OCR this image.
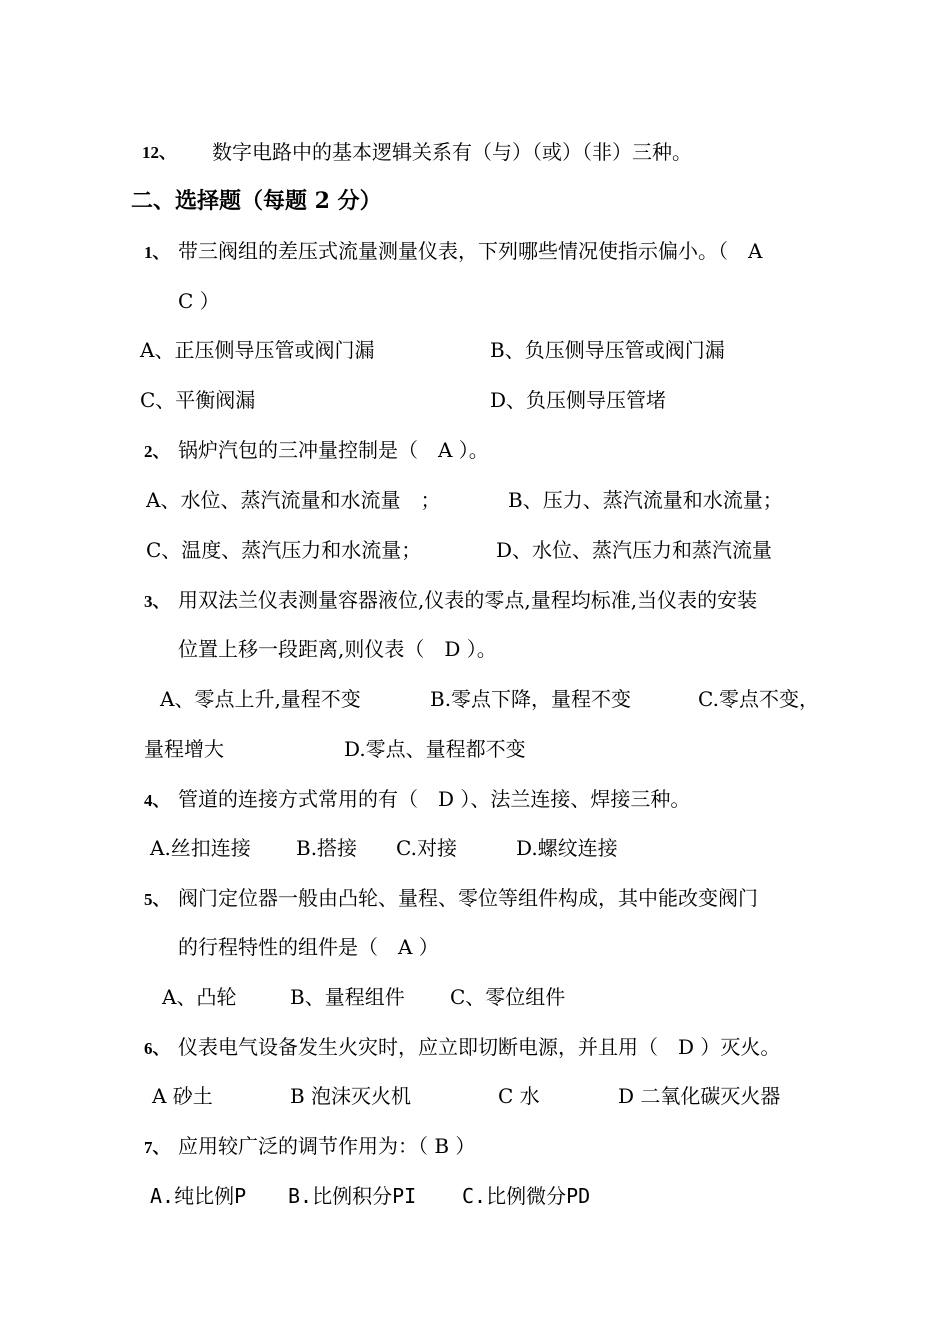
12、 数字电路中的基本逻辑关系有（与）（或）（非）三种。
二、选择题（每题 2 分）
1、 带三阀组的差压式流量测量仪表，下列哪些情况使指示偏小。（　A
C ）
A、正压侧导压管或阀门漏	B、负压侧导压管或阀门漏
C、平衡阀漏	D、负压侧导压管堵
2、 锅炉汽包的三冲量控制是（　A ）。
A、水位、蒸汽流量和水流量　；	B、压力、蒸汽流量和水流量；
C、温度、蒸汽压力和水流量；	D、水位、蒸汽压力和蒸汽流量
3、 用双法兰仪表测量容器液位,仪表的零点,量程均标准,当仪表的安装
位置上移一段距离,则仪表（　D ）。
A、零点上升,量程不变	B.零点下降，量程不变	C.零点不变，
量程增大	D.零点、量程都不变
4、 管道的连接方式常用的有（　D ）、法兰连接、焊接三种。
A.丝扣连接 B.搭接 C.对接	D.螺纹连接
5、 阀门定位器一般由凸轮、量程、零位等组件构成，其中能改变阀门
的行程特性的组件是（　A ）
A、凸轮	B、量程组件 C、零位组件
6、 仪表电气设备发生火灾时，应立即切断电源，并且用（　D ）灭火。
A 砂土	B 泡沫灭火机	C 水	D 二氧化碳灭火器
7、 应用较广泛的调节作用为：（ B ）
A.纯比例P B.比例积分PI C.比例微分PD
